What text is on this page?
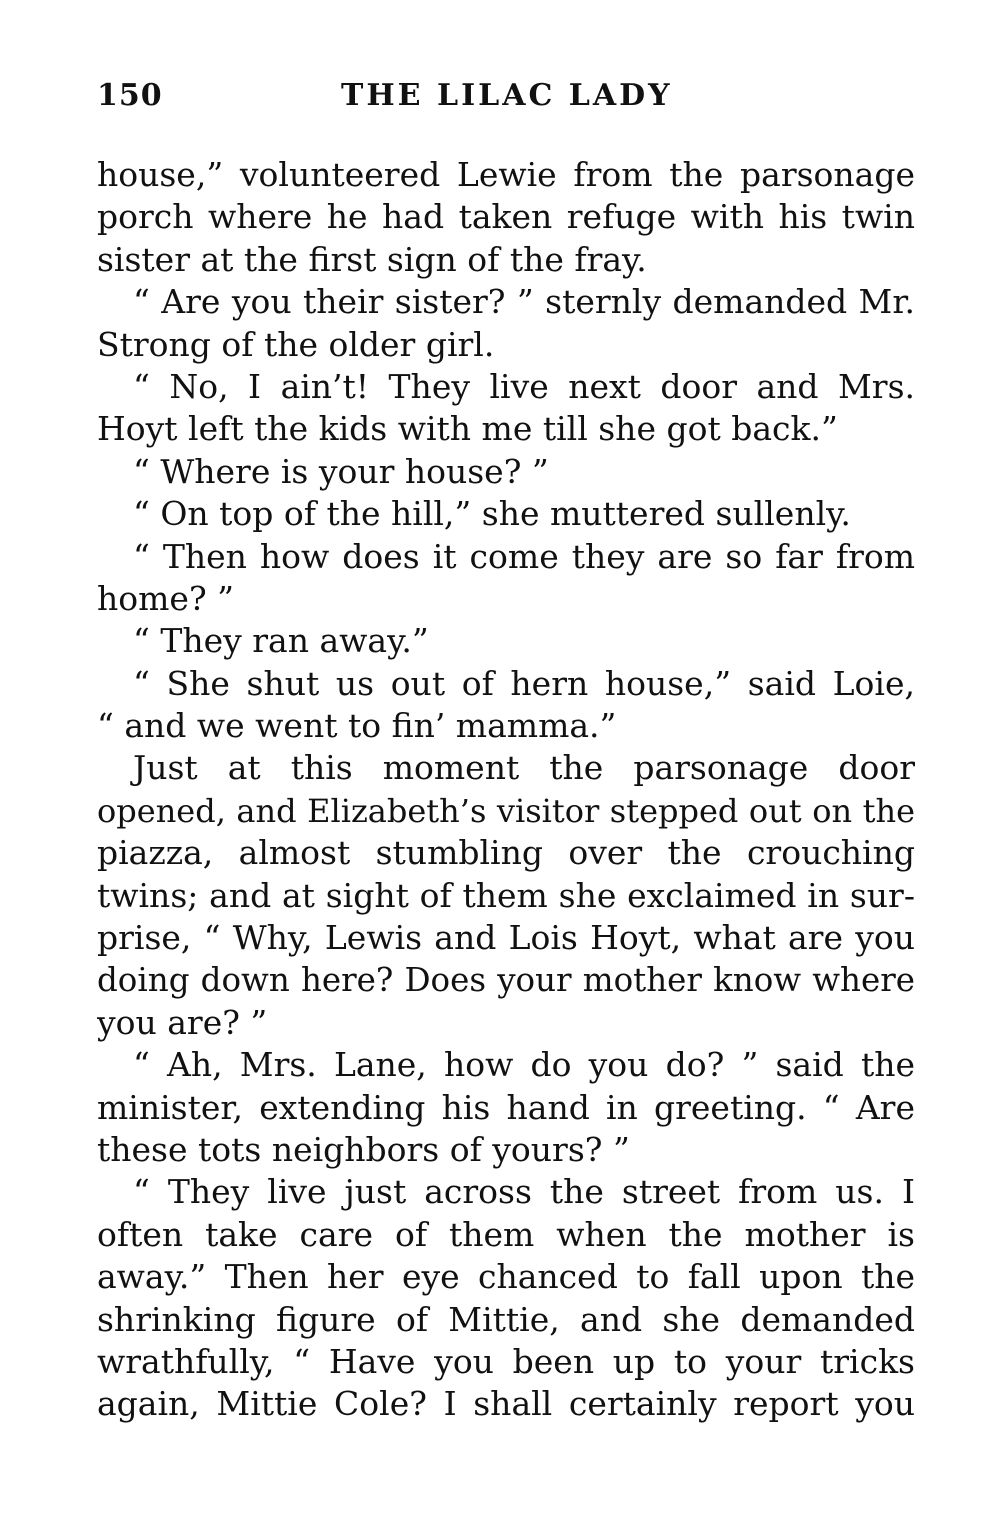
150	THE LILAC LADY
house,” volunteered Lewie from the parsonage
porch where he had taken refuge with his twin
sister at the first sign of the fray.
“ Are you their sister? ” sternly demanded Mr.
Strong of the older girl.
“ No, I ain’t! They live next door and Mrs.
Hoyt left the kids with me till she got back.”
“ Where is your house? ”
“ On top of the hill,” she muttered sullenly.
“ Then how does it come they are so far from
home? ”
“ They ran away.”
“ She shut us out of hern house,” said Loie,
“ and we went to fin’ mamma.”
Just at this moment the parsonage door
opened, and Elizabeth’s visitor stepped out on the
piazza, almost stumbling over the crouching
twins; and at sight of them she exclaimed in sur-
prise, “ Why, Lewis and Lois Hoyt, what are you
doing down here? Does your mother know where
you are? ”
“ Ah, Mrs. Lane, how do you do? ” said the
minister, extending his hand in greeting. “ Are
these tots neighbors of yours? ”
“ They live just across the street from us. I
often take care of them when the mother is
away.” Then her eye chanced to fall upon the
shrinking figure of Mittie, and she demanded
wrathfully, “ Have you been up to your tricks
again, Mittie Cole? I shall certainly report you
